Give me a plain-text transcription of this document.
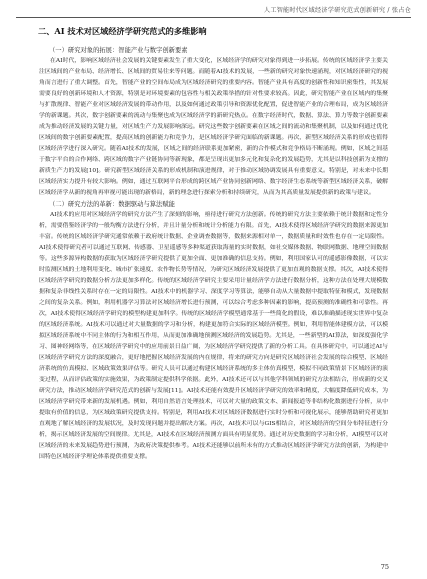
人工智能时代区域经济学研究范式创新研究 / 张占仓
二、AI 技术对区域经济学研究范式的多维影响

（一）研究对象的拓展：智能产业与数字创新要素

在AI时代，影响区域经济社会发展的关键要素发生了重大变化，区域经济学的研究对象得到进一步拓展。传统的区域经济学主要关注区域间的产业布局、经济增长、区域间的贸易往来等问题。而随着AI技术的发展，一些新的研究对象快速涌现，对区域经济研究的视角而言进行了重大调整。首先，智能产业的空间布局成为区域经济研究的重要内容。智能产业具有高度的创新性和知识密集性，其发展需要良好的创新环境和人才资源，特别是对环境要素的包容性与相关政策举措的针对性要求较高。因此，研究智能产业在区域内的集聚与扩散规律、智能产业对区域经济发展的带动作用，以及如何通过政策引导和资源优化配置，促进智能产业的合理布局，成为区域经济学的新课题。其次，数字创新要素的流动与集聚也成为区域经济学的新研究热点。在数字经济时代，数据、算法、算力等数字创新要素成为推动经济发展的关键力量，对区域生产力发展影响深远。研究这些数字创新要素在区域之间的流动和集聚机制，以及如何通过优化区域间的数字创新要素配置，提高区域的创新能力和竞争力，是区域经济学研究面临的新课题。再次，新型区域经济关系的形成也值得区域经济学进行深入研究。随着AI技术的发展，区域之间的经济联系更加紧密，新的合作模式和竞争格局不断涌现。例如，区域之间基于数字平台的合作网络、跨区域的数字产业链协同等新现象，都是呈现出更加多元化和复杂化的发展趋势，尤其是以科技创新为支撑的新质生产力的发展[10]。研究新型区域经济关系的形成机制和演进规律，对于推动区域协调发展具有重要意义。特别是，对未来中长期区域经济实力提升有较大影响。例如，通过互联网平台形成的跨区域产业协同创新网络、数字经济生态系统等新型区域经济关系，破解区域经济学从新的视角再审视可能出现的新格局，新的理念进行探索分析和持续研究，从而为其高质量发展提供新的政策与建议。

（二）研究方法的革新：数据驱动与算法赋能

AI技术的应用对区域经济学的研究方法产生了深刻的影响，亟待进行研究方法创新。传统的研究方法主要依赖于统计数据和定性分析，需要借鉴经济学的一般均衡方法进行分析，并且计量分析和统计分析能力有限。首先，AI技术使得区域经济学研究的数据来源更加丰富。传统的区域经济学研究通常依赖于政府统计数据、企业调查数据等，数据来源相对单一，数据质量和时效性也存在一定局限性。AI技术使得研究者可以通过互联网、传感器、卫星遥感等多种渠道获取海量的实时数据，如社交媒体数据、物联网数据、地理空间数据等。这些多源异构数据的获取为区域经济学研究提供了更加全面、更加准确的信息支持。例如，利用国家认可的遥感影像数据，可以实时监测区域的土地利用变化、城市扩张速度、农作物长势等情况，为研究区域经济发展提供了更加直观的数据支撑。其次，AI技术使得区域经济学研究的数据分析方法更加多样化。传统的区域经济学研究主要采用计量经济学方法进行数据分析，这种方法在处理大规模数据和复杂非线性关系时存在一定的局限性。AI技术中的机器学习、深度学习等算法，能够自动从大量数据中提取特征和模式，发现数据之间的复杂关系。例如，利用机器学习算法对区域经济增长进行预测，可以综合考虑多种因素的影响，提高预测的准确性和可靠性。再次，AI技术使得区域经济学研究的模型构建更加科学。传统的区域经济学模型通常基于一些简化的假设，难以准确描述现实世界中复杂的区域经济系统。AI技术可以通过对大量数据的学习和分析，构建更加符合实际的区域经济模型。例如，利用智能体建模方法，可以模拟区域经济系统中不同主体的行为和相互作用，从而更加准确地预测区域经济的发展趋势。尤其是，一些新型的AI算法，如深度强化学习、图神经网络等，在区域经济学研究中的应用前景日益广阔，为区域经济学研究提供了新的分析工具。在具体研究中，可以通过AI与区域经济学研究方法的深度融合，更好地把握区域经济发展的内在规律，将来的研究方向是研究区域经济社会发展的综合模型、区域经济系统的仿真模拟、区域政策效果评估等。研究人员可以通过构建区域经济系统的多主体仿真模型，模拟不同政策情景下区域经济的演变过程，从而评估政策的实施效果，为政策制定提供科学依据。此外，AI技术还可以与其他学科领域的研究方法相结合，形成新的交叉研究方法，推动区域经济学研究范式的创新与发展[11]。AI技术还能有效提升区域经济学研究的效率和精度，大幅度降低研究成本，为区域经济学研究带来新的发展机遇。例如，利用自然语言处理技术，可以对大量的政策文本、新闻报道等非结构化数据进行分析，从中提取有价值的信息，为区域政策研究提供支持。特别是，利用AI技术对区域经济数据进行实时分析和可视化展示，能够帮助研究者更加直观地了解区域经济的发展状况，及时发现问题并提出解决方案。再次，AI技术可以与GIS相结合，对区域经济的空间分布特征进行分析，揭示区域经济发展的空间规律。尤其是，AI技术在区域经济预测方面具有明显优势。通过对历史数据的学习和分析，AI模型可以对区域经济的未来发展趋势进行预测，为政府决策提供参考。AI技术还能够以前所未有的方式推动区域经济学研究方法的创新，为构建中国特色区域经济学理论体系提供重要支撑。

75
